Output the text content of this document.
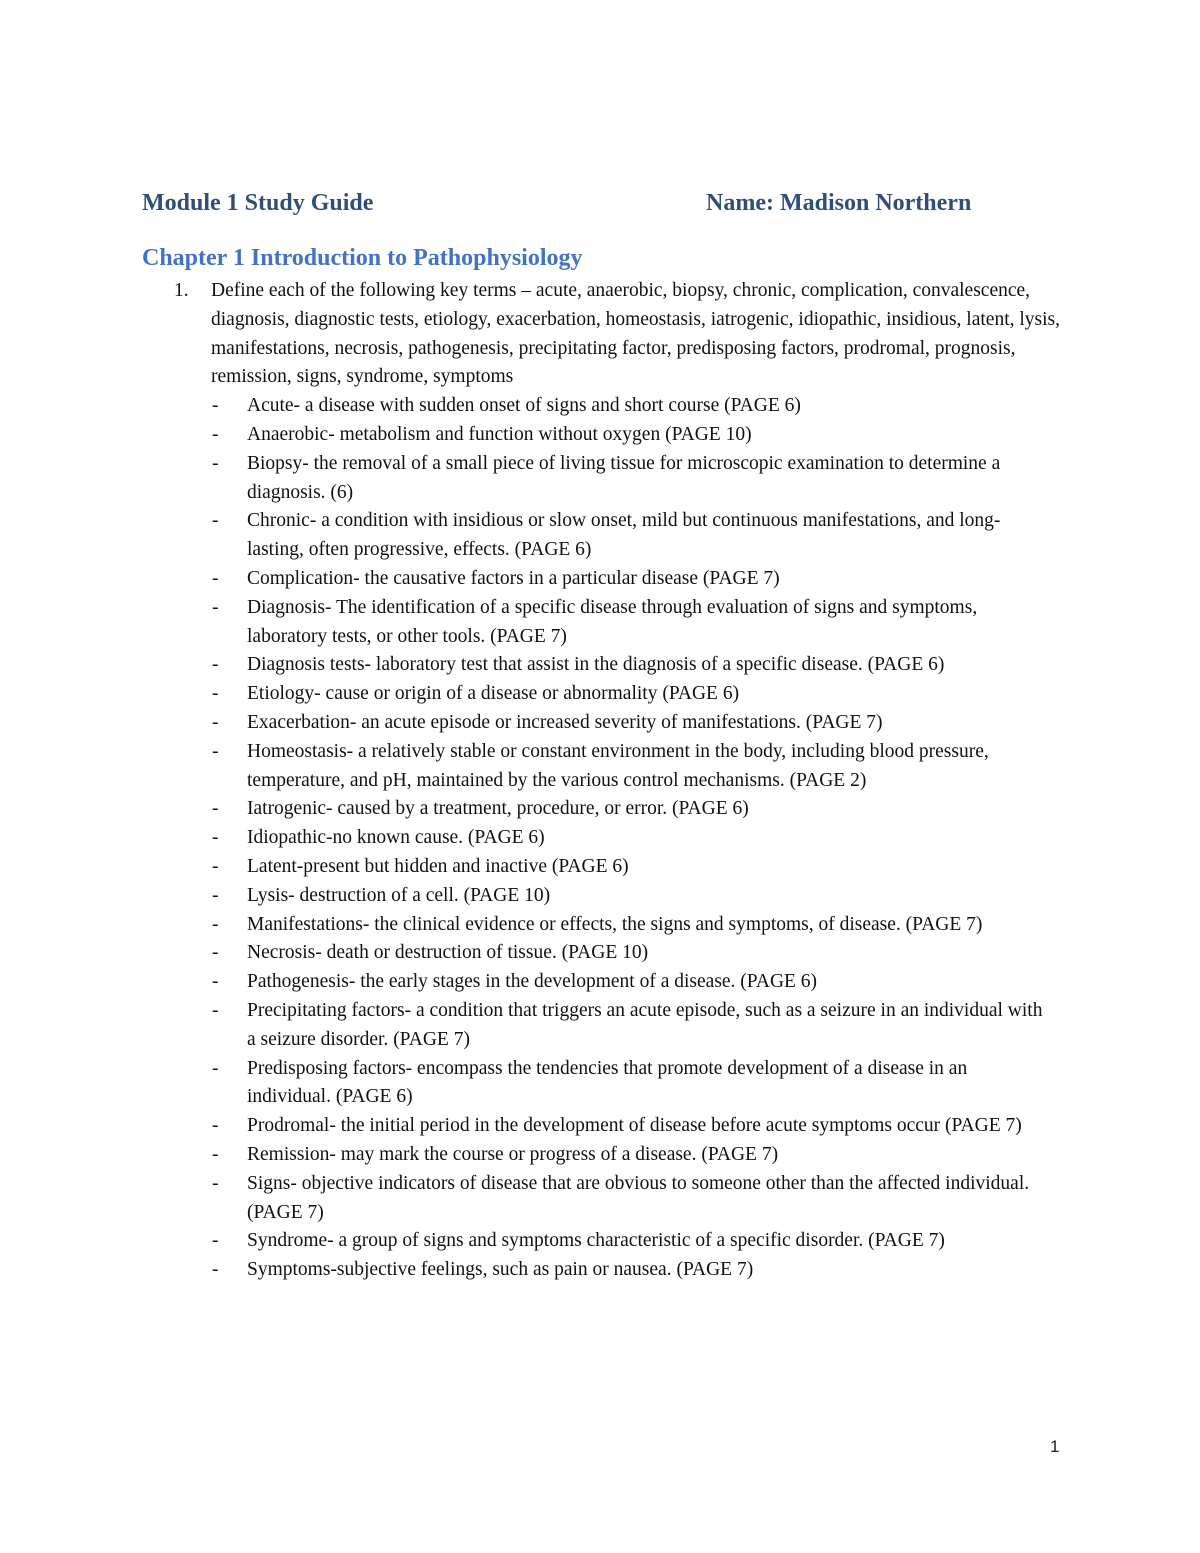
Module 1 Study Guide	Name: Madison Northern
Chapter 1 Introduction to Pathophysiology
1. Define each of the following key terms – acute, anaerobic, biopsy, chronic, complication, convalescence, diagnosis, diagnostic tests, etiology, exacerbation, homeostasis, iatrogenic, idiopathic, insidious, latent, lysis, manifestations, necrosis, pathogenesis, precipitating factor, predisposing factors, prodromal, prognosis, remission, signs, syndrome, symptoms
- Acute- a disease with sudden onset of signs and short course (PAGE 6)
- Anaerobic- metabolism and function without oxygen (PAGE 10)
- Biopsy- the removal of a small piece of living tissue for microscopic examination to determine a diagnosis. (6)
- Chronic- a condition with insidious or slow onset, mild but continuous manifestations, and long-lasting, often progressive, effects. (PAGE 6)
- Complication- the causative factors in a particular disease (PAGE 7)
- Diagnosis- The identification of a specific disease through evaluation of signs and symptoms, laboratory tests, or other tools. (PAGE 7)
- Diagnosis tests- laboratory test that assist in the diagnosis of a specific disease. (PAGE 6)
- Etiology- cause or origin of a disease or abnormality (PAGE 6)
- Exacerbation- an acute episode or increased severity of manifestations. (PAGE 7)
- Homeostasis- a relatively stable or constant environment in the body, including blood pressure, temperature, and pH, maintained by the various control mechanisms. (PAGE 2)
- Iatrogenic- caused by a treatment, procedure, or error. (PAGE 6)
- Idiopathic-no known cause. (PAGE 6)
- Latent-present but hidden and inactive (PAGE 6)
- Lysis- destruction of a cell. (PAGE 10)
- Manifestations- the clinical evidence or effects, the signs and symptoms, of disease. (PAGE 7)
- Necrosis- death or destruction of tissue. (PAGE 10)
- Pathogenesis- the early stages in the development of a disease. (PAGE 6)
- Precipitating factors- a condition that triggers an acute episode, such as a seizure in an individual with a seizure disorder. (PAGE 7)
- Predisposing factors- encompass the tendencies that promote development of a disease in an individual. (PAGE 6)
- Prodromal- the initial period in the development of disease before acute symptoms occur (PAGE 7)
- Remission- may mark the course or progress of a disease. (PAGE 7)
- Signs- objective indicators of disease that are obvious to someone other than the affected individual. (PAGE 7)
- Syndrome- a group of signs and symptoms characteristic of a specific disorder. (PAGE 7)
- Symptoms-subjective feelings, such as pain or nausea. (PAGE 7)
1
